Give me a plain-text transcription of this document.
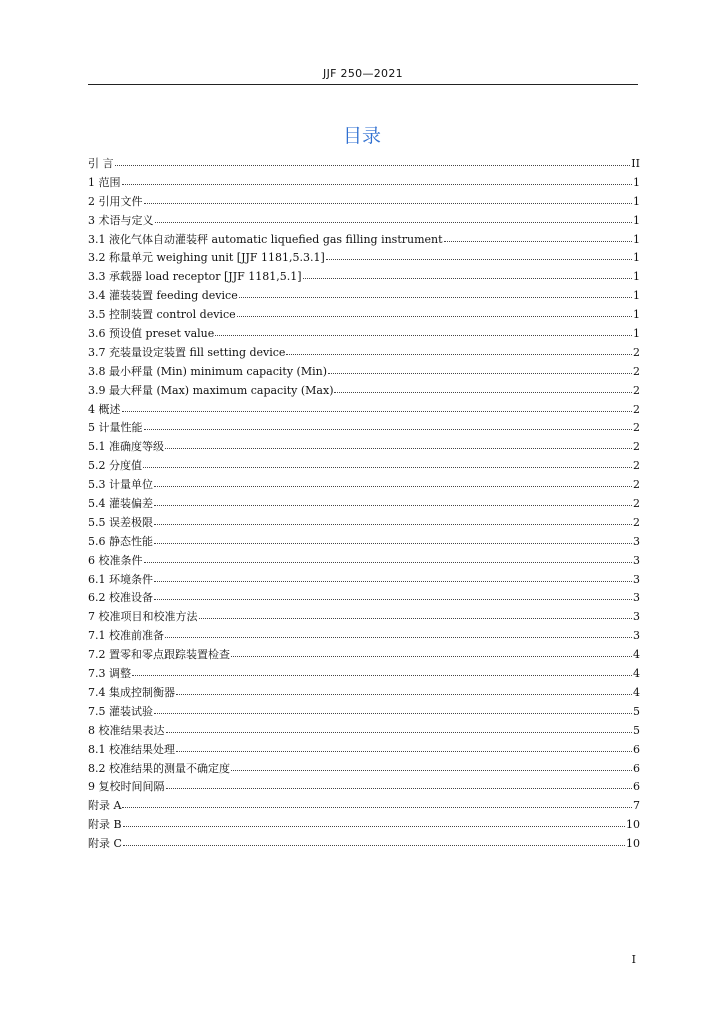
JJF 250—2021
目录
引 言	II
1 范围	1
2 引用文件	1
3 术语与定义	1
3.1 液化气体自动灌装秤 automatic liquefied gas filling instrument	1
3.2 称量单元 weighing unit [JJF 1181,5.3.1]	1
3.3 承载器 load receptor [JJF 1181,5.1]	1
3.4 灌装装置 feeding device	1
3.5 控制装置 control device	1
3.6 预设值 preset value	1
3.7 充装量设定装置 fill setting device	2
3.8 最小秤量 (Min) minimum capacity (Min)	2
3.9 最大秤量 (Max) maximum capacity (Max)	2
4 概述	2
5 计量性能	2
5.1 准确度等级	2
5.2 分度值	2
5.3 计量单位	2
5.4 灌装偏差	2
5.5 误差极限	2
5.6 静态性能	3
6 校准条件	3
6.1 环境条件	3
6.2 校准设备	3
7 校准项目和校准方法	3
7.1 校准前准备	3
7.2 置零和零点跟踪装置检查	4
7.3 调整	4
7.4 集成控制衡器	4
7.5 灌装试验	5
8 校准结果表达	5
8.1 校准结果处理	6
8.2 校准结果的测量不确定度	6
9 复校时间间隔	6
附录 A	7
附录 B	10
附录 C	10
I
